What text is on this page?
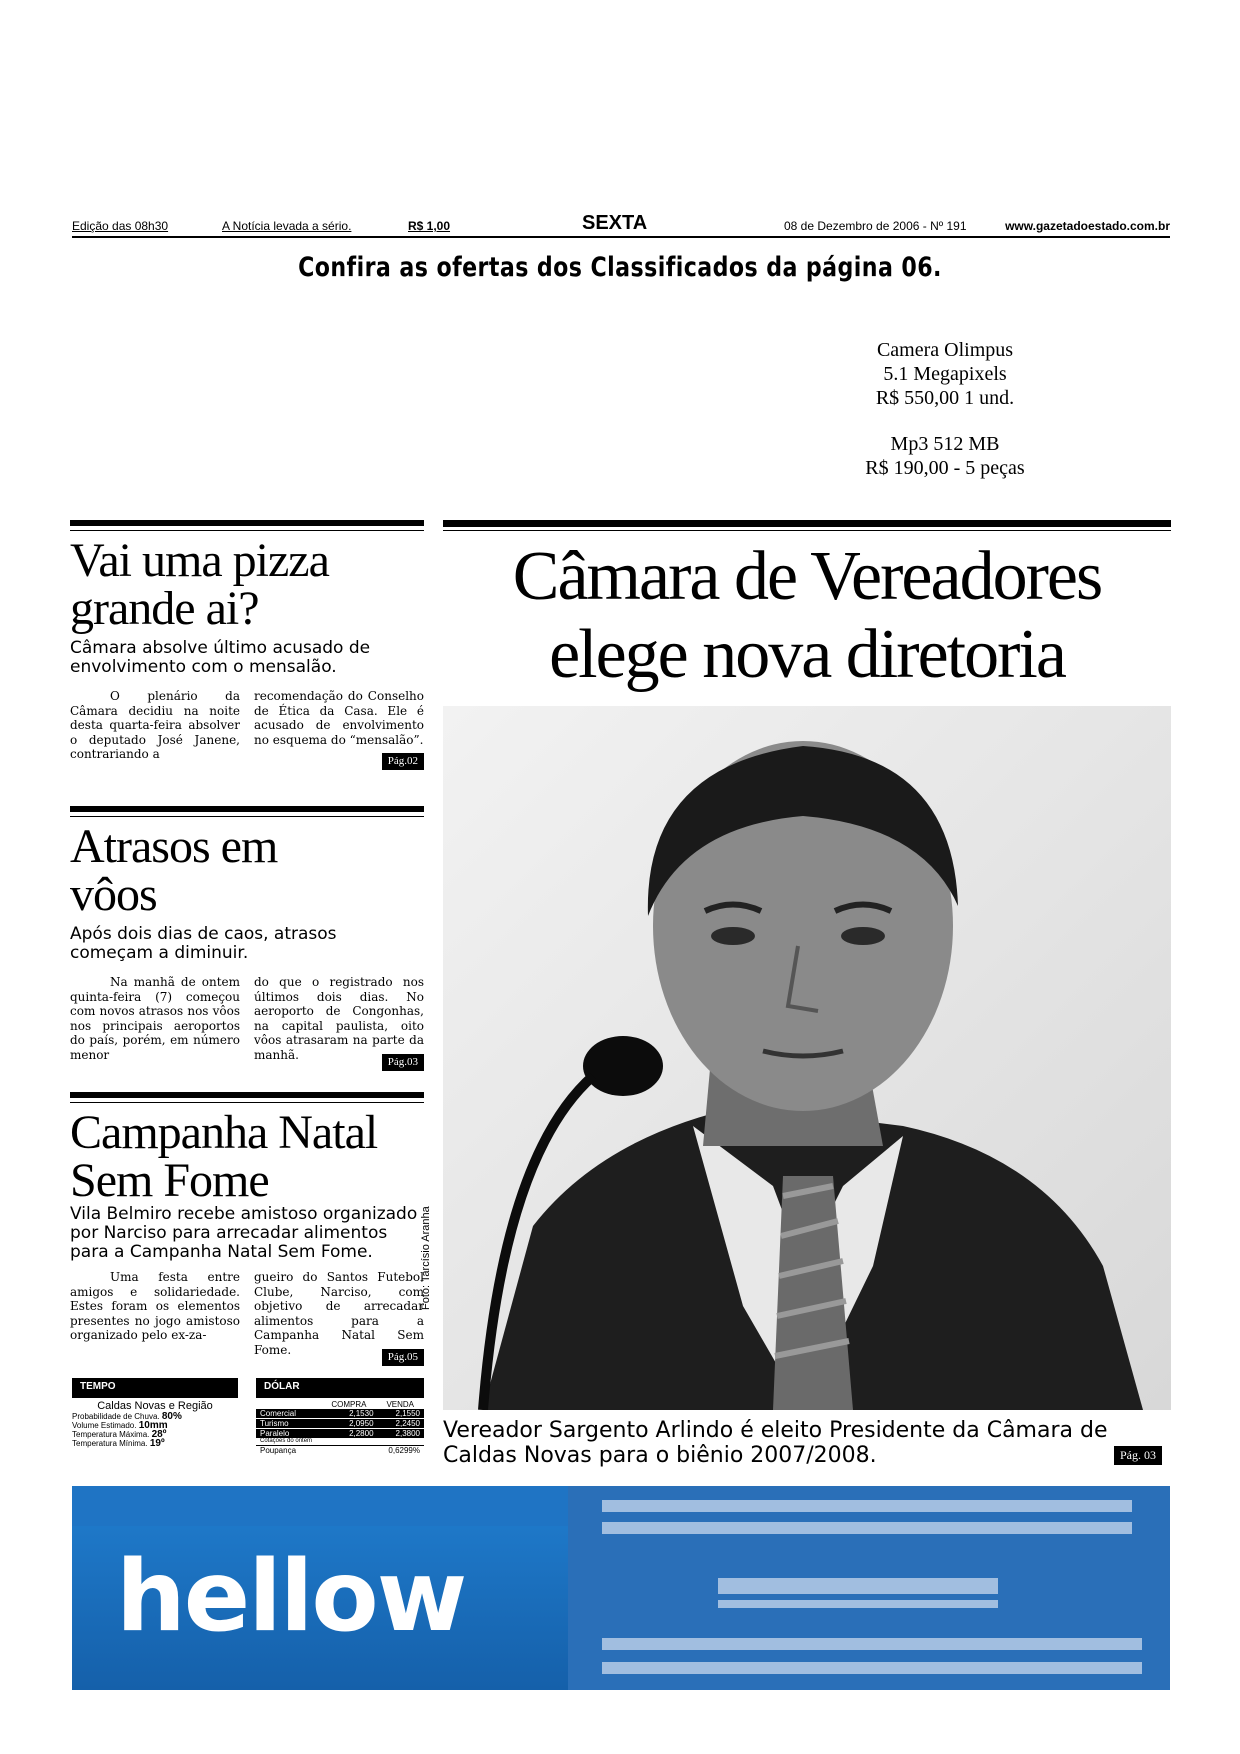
Edição das 08h30	A Notícia levada a sério.	R$ 1,00	SEXTA	08 de Dezembro de 2006 - Nº 191	www.gazetadoestado.com.br
Confira as ofertas dos Classificados da página 06.
Camera Olimpus
5.1 Megapixels
R$ 550,00 1 und.
Mp3 512 MB
R$ 190,00 - 5 peças
Vai uma pizza grande ai?
Câmara absolve último acusado de envolvimento com o mensalão.

O plenário da Câmara decidiu na noite desta quarta-feira absolver o deputado José Janene, contrariando a

recomendação do Conselho de Ética da Casa. Ele é acusado de envolvimento no esquema do “mensalão”.

Pág.02
Atrasos em vôos
Após dois dias de caos, atrasos começam a diminuir.

Na manhã de ontem quinta-feira (7) começou com novos atrasos nos vôos nos principais aeroportos do país, porém, em número menor

do que o registrado nos últimos dois dias. No aeroporto de Congonhas, na capital paulista, oito vôos atrasaram na parte da manhã.	Pág.03
Campanha Natal Sem Fome
Vila Belmiro recebe amistoso organizado por Narciso para arrecadar alimentos para a Campanha Natal Sem Fome.

Uma festa entre amigos e solidariedade. Estes foram os elementos presentes no jogo amistoso organizado pelo ex-za-

gueiro do Santos Futebol Clube, Narciso, com objetivo de arrecadar alimentos para a Campanha Natal Sem Fome.	Pág.05
TEMPO
Caldas Novas e Região
Probabilidade de Chuva.
80%
Volume Estimado.
10mm
Temperatura Máxima.
28º
Temperatura Mínima.
19º
DÓLAR
COMPRA	VENDA
Comercial	2,1530	2,1550
Turismo	2,0950	2,2450
Paralelo	2,2800	2,3800
Cotações do ontem
Poupança	0,6299%
Câmara de Vereadores elege nova diretoria
Foto: Tarcísio Aranha
Vereador Sargento Arlindo é eleito Presidente da Câmara de Caldas Novas para o biênio 2007/2008.	Pág. 03
hellow
